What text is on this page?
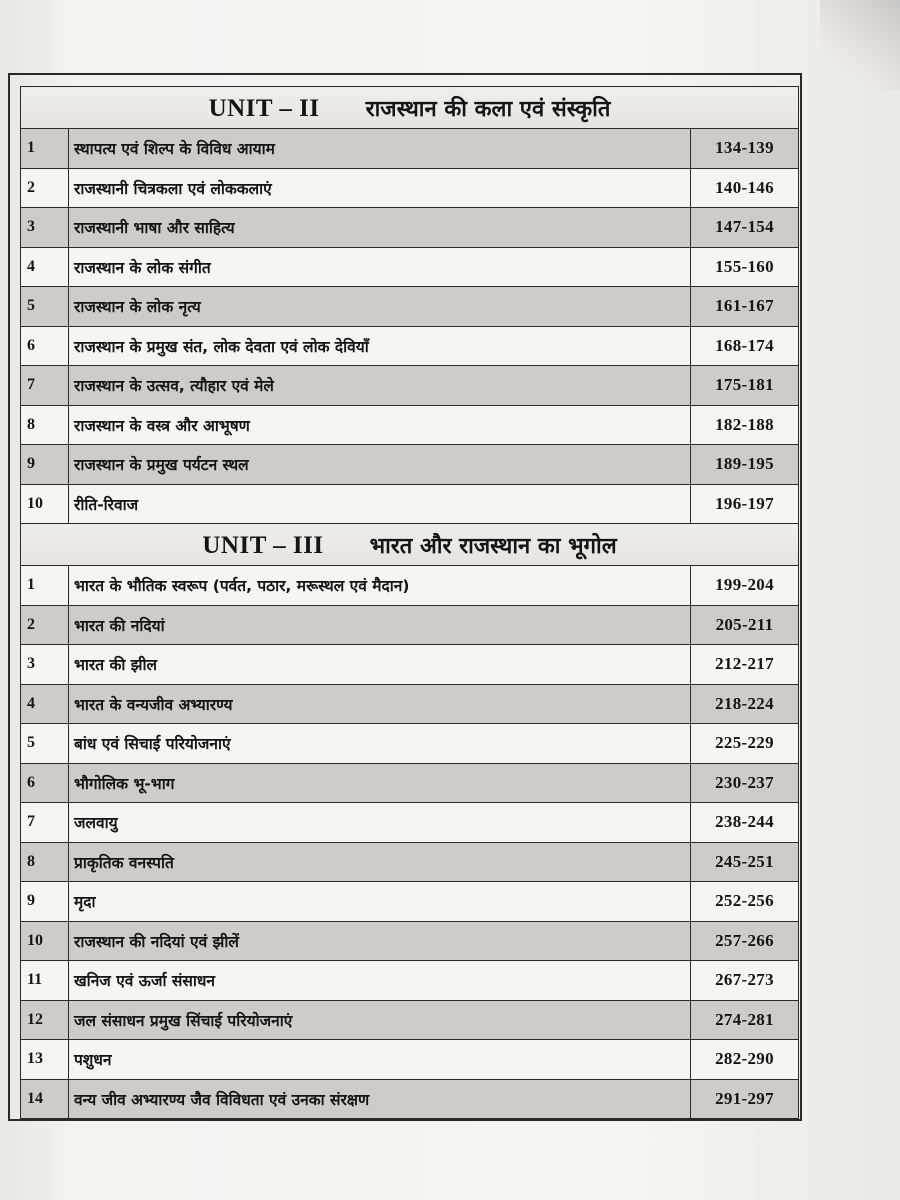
UNIT – II राजस्थान की कला एवं संस्कृति		
1	स्थापत्य एवं शिल्प के विविध आयाम	134-139
2	राजस्थानी चित्रकला एवं लोककलाएं	140-146
3	राजस्थानी भाषा और साहित्य	147-154
4	राजस्थान के लोक संगीत	155-160
5	राजस्थान के लोक नृत्य	161-167
6	राजस्थान के प्रमुख संत, लोक देवता एवं लोक देवियाँ	168-174
7	राजस्थान के उत्सव, त्यौहार एवं मेले	175-181
8	राजस्थान के वस्त्र और आभूषण	182-188
9	राजस्थान के प्रमुख पर्यटन स्थल	189-195
10	रीति-रिवाज	196-197
UNIT – III भारत और राजस्थान का भूगोल		
1	भारत के भौतिक स्वरूप (पर्वत, पठार, मरूस्थल एवं मैदान)	199-204
2	भारत की नदियां	205-211
3	भारत की झील	212-217
4	भारत के वन्यजीव अभ्यारण्य	218-224
5	बांध एवं सिचाई परियोजनाएं	225-229
6	भौगोलिक भू-भाग	230-237
7	जलवायु	238-244
8	प्राकृतिक वनस्पति	245-251
9	मृदा	252-256
10	राजस्थान की नदियां एवं झीलें	257-266
11	खनिज एवं ऊर्जा संसाधन	267-273
12	जल संसाधन प्रमुख सिंचाई परियोजनाएं	274-281
13	पशुधन	282-290
14	वन्य जीव अभ्यारण्य जैव विविधता एवं उनका संरक्षण	291-297
